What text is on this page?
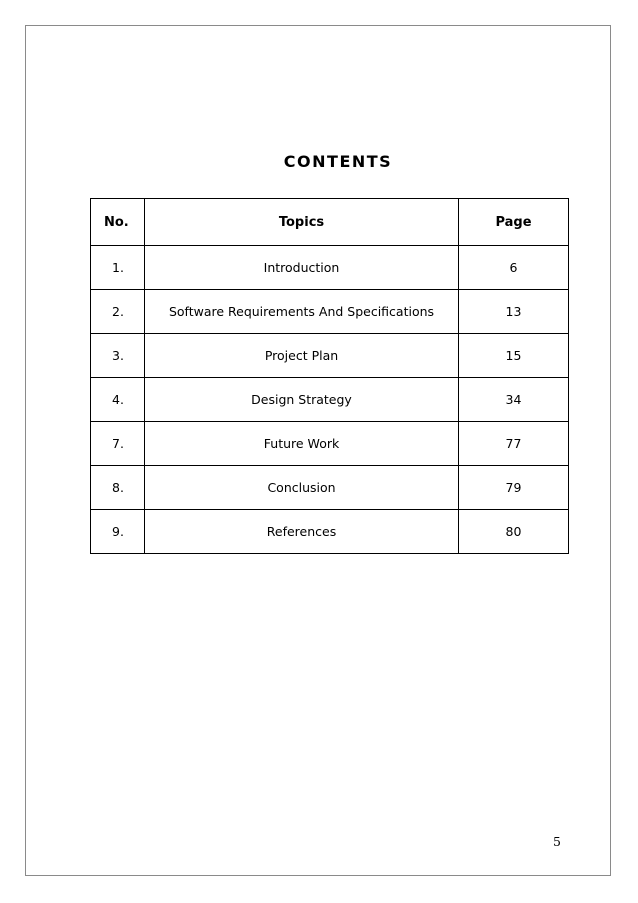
CONTENTS
No.	Topics	Page
1.	Introduction	6
2.	Software Requirements And Specifications	13
3.	Project Plan	15
4.	Design Strategy	34
7.	Future Work	77
8.	Conclusion	79
9.	References	80
5
